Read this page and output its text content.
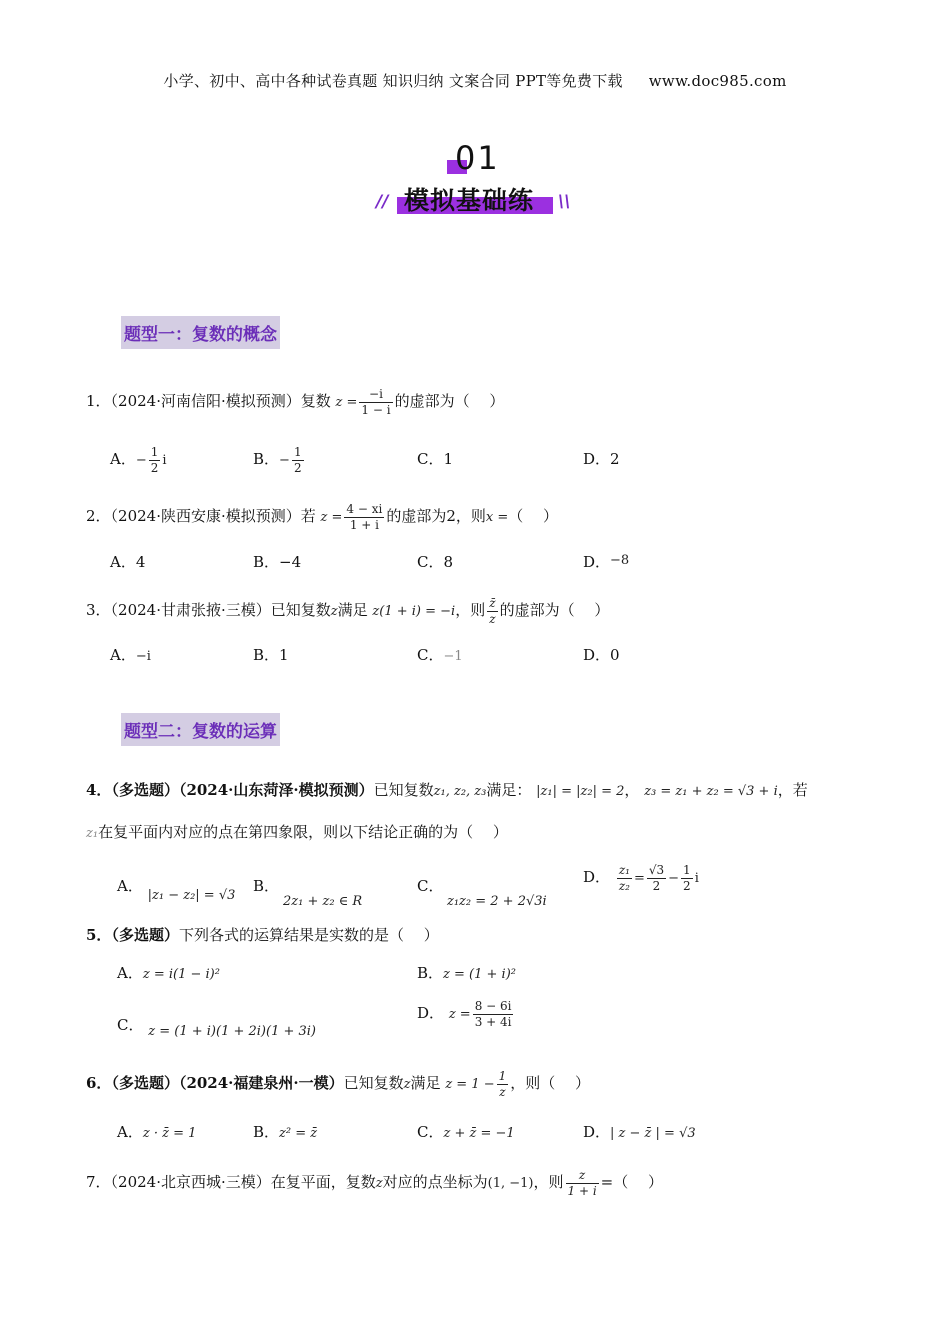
小学、初中、高中各种试卷真题 知识归纳 文案合同 PPT等免费下载 www.doc985.com
01
模拟基础练
//	\\
题型一：复数的概念
1．（2024·河南信阳·模拟预测）复数 $z = \frac{-i}{1 - i}$ 的虚部为（　 ）
A．− $\frac{1}{2}$ i	B．− $\frac{1}{2}$	C．1	D．2
2．（2024·陕西安康·模拟预测）若 $z = \frac{4 - xi}{1 + i}$ 的虚部为2，则x =（　 ）
A．4	B．−4	C．8	D．−8
3．（2024·甘肃张掖·三模）已知复数z满足 z(1 + i) = −i，则 $\frac{z̄}{z}$ 的虚部为（　 ）
A．−i	B．1	C．−1	D．0
题型二：复数的运算
4．（多选题）（2024·山东菏泽·模拟预测）已知复数z₁, z₂, z₃满足： |z₁| = |z₂| = 2， z₃ = z₁ + z₂ = √3 + i，若
z₁在复平面内对应的点在第四象限，则以下结论正确的为（　 ）
A． |z₁ − z₂| = √3
B．
2z₁ + z₂ ∈ R
C．
z₁z₂ = 2 + 2√3i
D． $\frac{\text{z₁}}{\text{z₂}} = \frac{√3}{2} - \frac{1}{2}$ i
5．（多选题）下列各式的运算结果是实数的是（　 ）
A．z = i(1 − i)²	B．z = (1 + i)²
C． z = (1 + i)(1 + 2i)(1 + 3i)
D． $z = \frac{8 - 6i}{3 + 4i}$
6．（多选题）（2024·福建泉州·一模）已知复数z满足 $z = 1 - \frac{1}{z}$ ，则（　 ）
A．z · z̄ = 1	B．z² = z̄	C．z + z̄ = −1	D．| z − z̄ | = √3
7．（2024·北京西城·三模）在复平面，复数z对应的点坐标为(1, −1)，则 $\frac{z}{1 + i}$ =（　 ）
